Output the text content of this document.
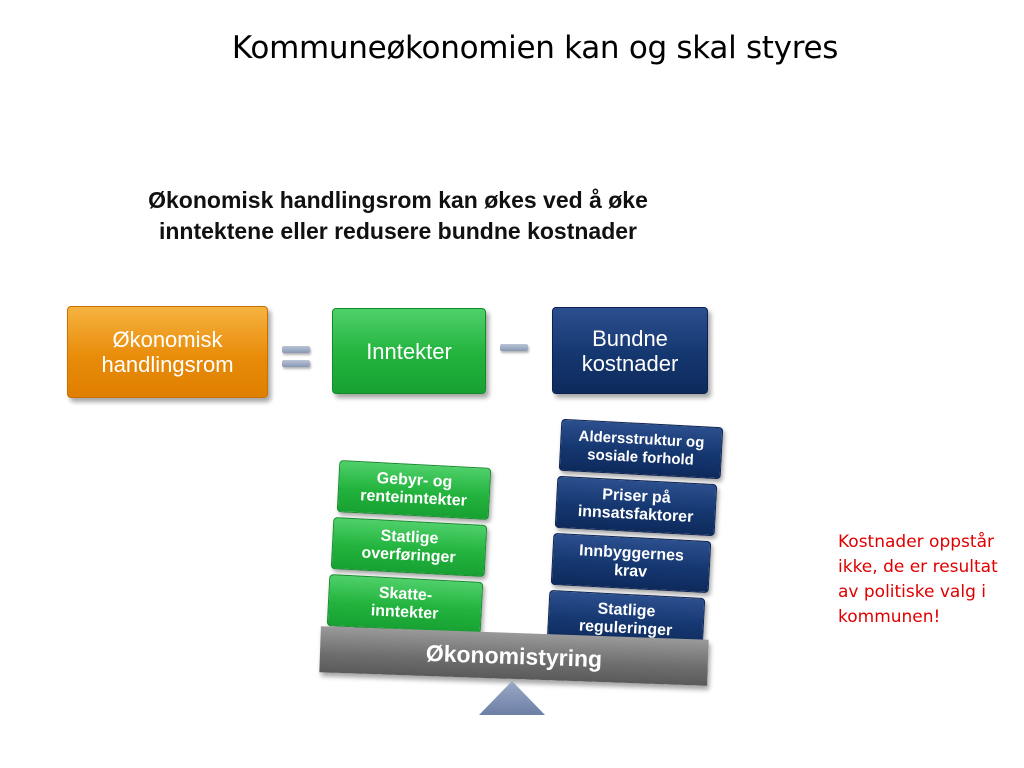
Kommuneøkonomien kan og skal styres
Økonomisk handlingsrom kan økes ved å øke
inntektene eller redusere bundne kostnader
Økonomisk
handlingsrom
Inntekter
Bundne
kostnader
Gebyr- og
renteinntekter
Statlige
overføringer
Skatte-
inntekter
Aldersstruktur og
sosiale forhold
Priser på
innsatsfaktorer
Innbyggernes
krav
Statlige
reguleringer
Økonomistyring
Kostnader oppstår ikke, de er resultat av politiske valg i kommunen!
